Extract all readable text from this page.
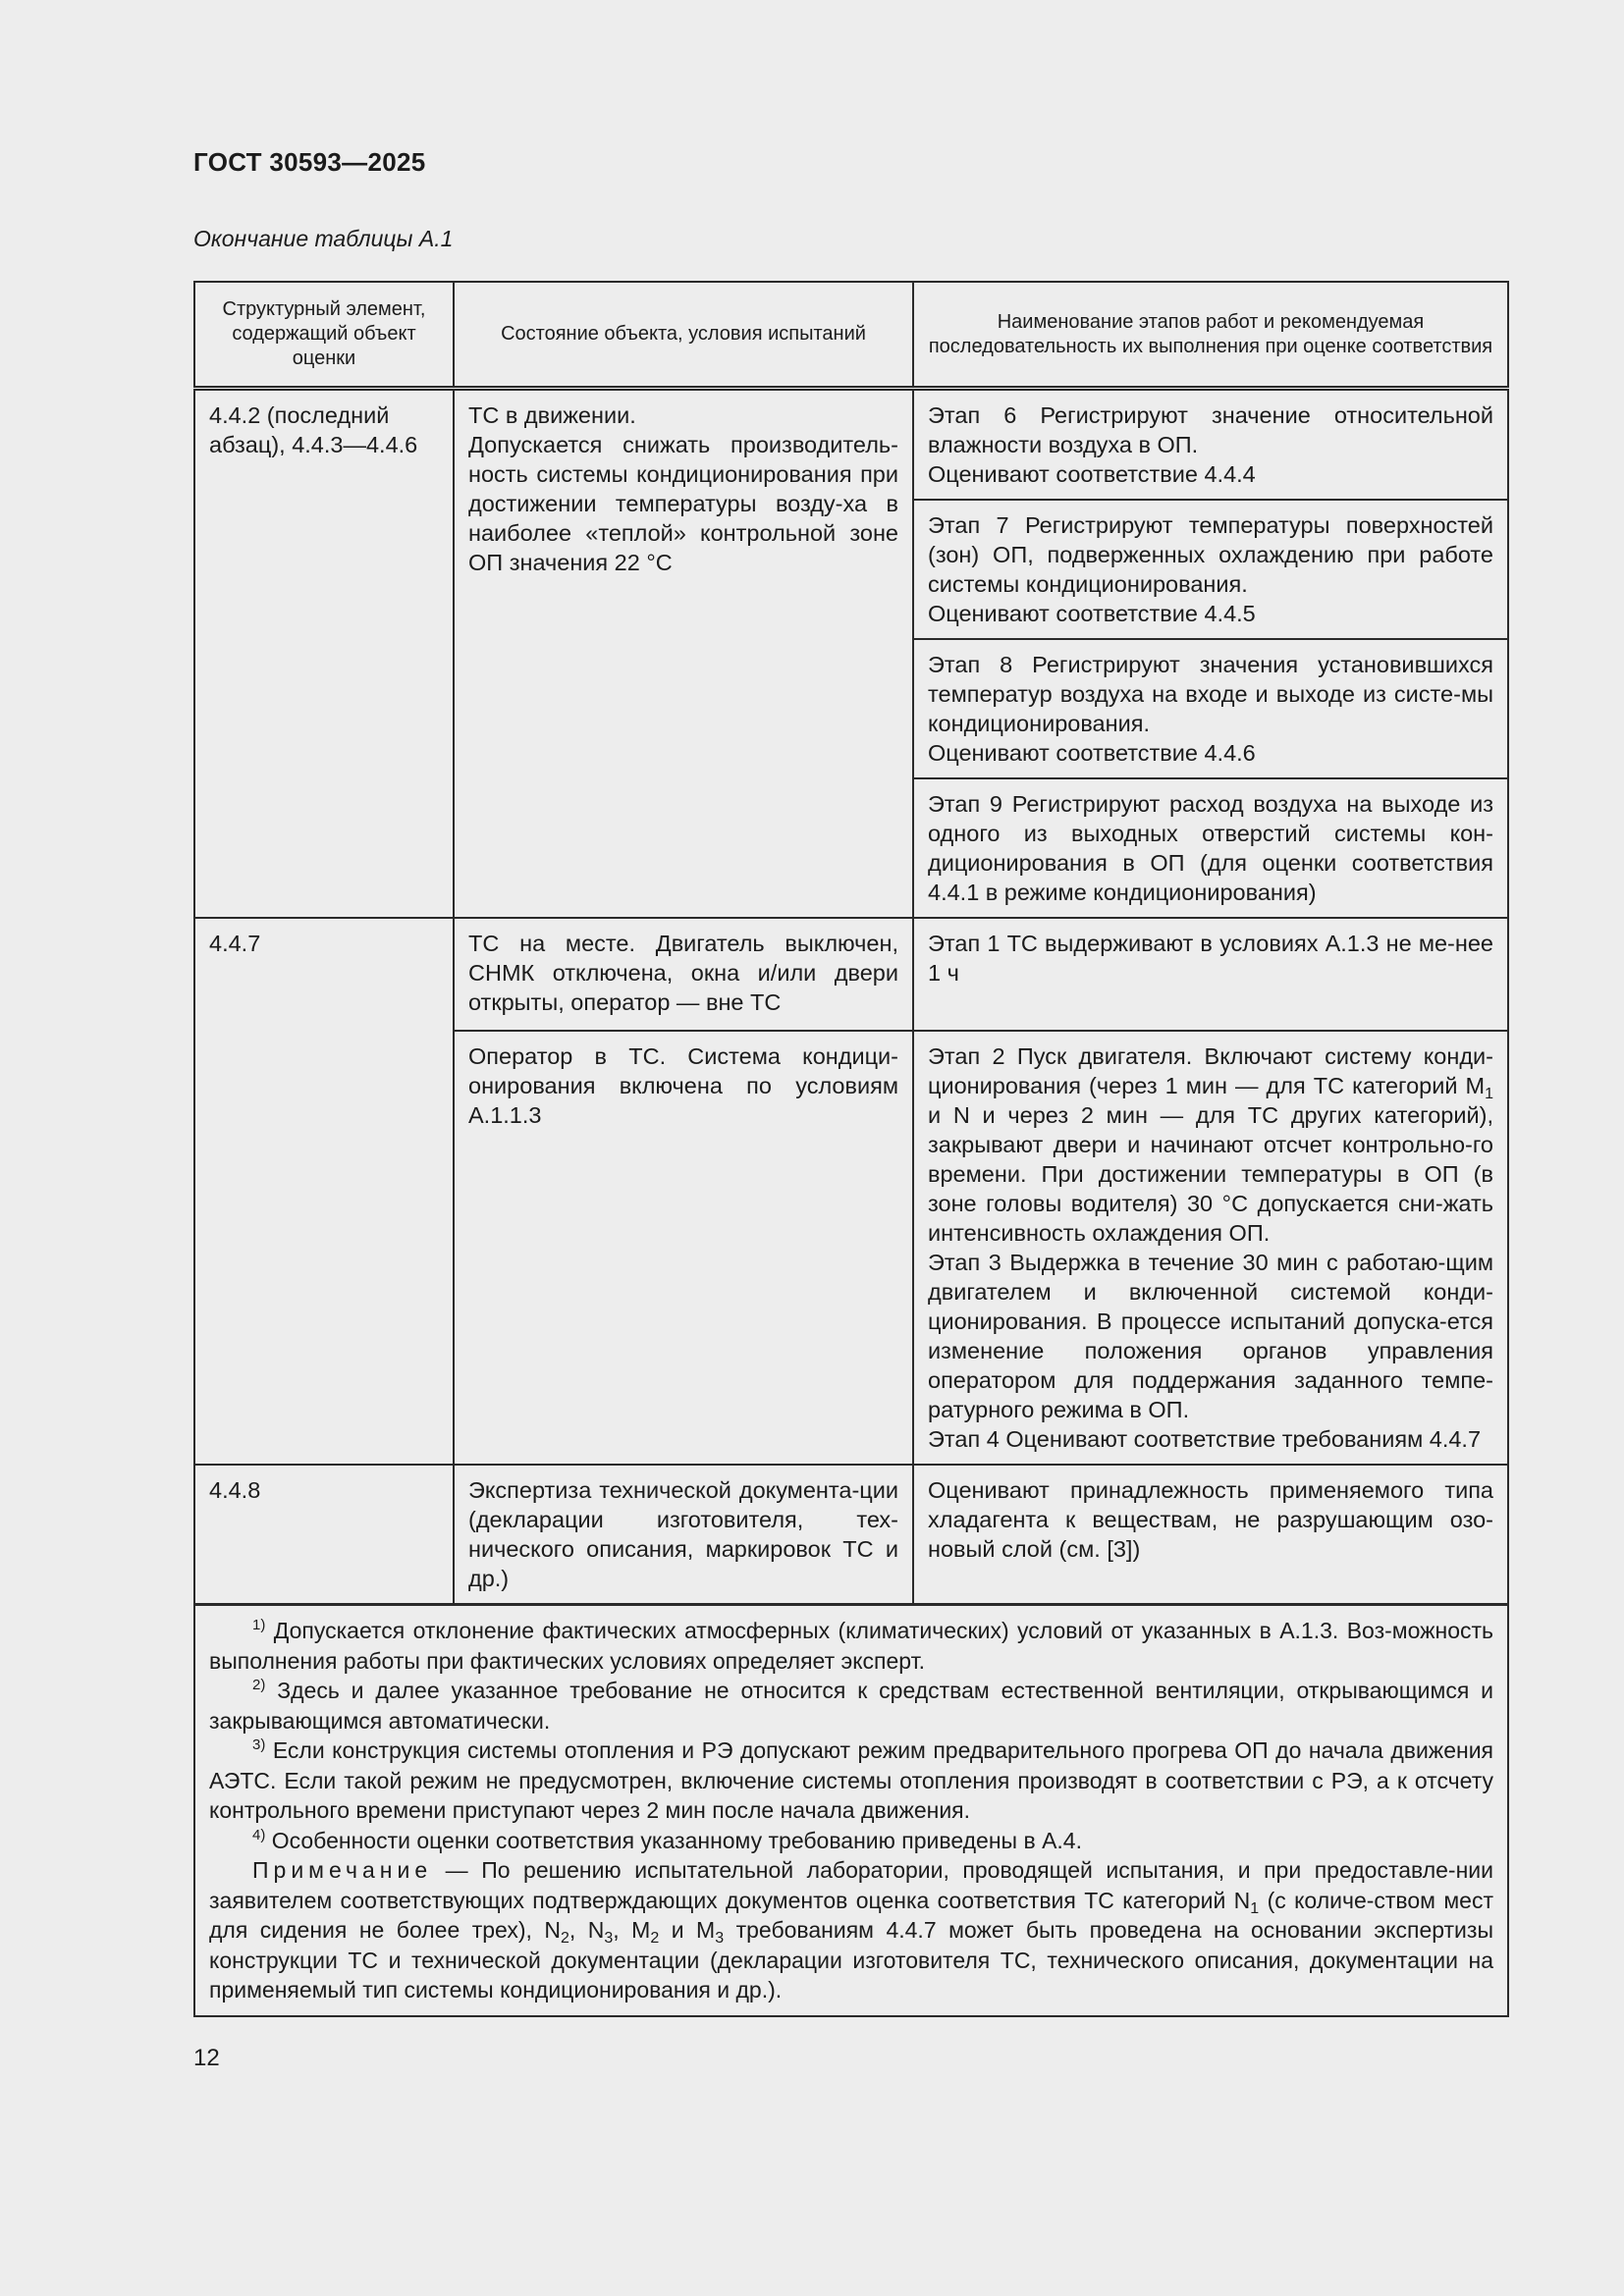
ГОСТ 30593—2025
Окончание таблицы А.1
Структурный элемент, содержащий объект оценки	Состояние объекта, условия испытаний	Наименование этапов работ и рекомендуемая последовательность их выполнения при оценке соответствия
4.4.2 (последний абзац), 4.4.3—4.4.6	ТС в движении.
Допускается снижать производитель-ность системы кондиционирования при достижении температуры возду-ха в наиболее «теплой» контрольной зоне ОП значения 22 °С	Этап 6 Регистрируют значение относительной влажности воздуха в ОП.
Оценивают соответствие 4.4.4

		Этап 7 Регистрируют температуры поверхностей (зон) ОП, подверженных охлаждению при работе системы кондиционирования.
Оценивают соответствие 4.4.5

		Этап 8 Регистрируют значения установившихся температур воздуха на входе и выходе из систе-мы кондиционирования.
Оценивают соответствие 4.4.6

		Этап 9 Регистрируют расход воздуха на выходе из одного из выходных отверстий системы кон-диционирования в ОП (для оценки соответствия 4.4.1 в режиме кондиционирования)

4.4.7	ТС на месте. Двигатель выключен, СНМК отключена, окна и/или двери открыты, оператор — вне ТС	Этап 1 ТС выдерживают в условиях А.1.3 не ме-нее 1 ч
	Оператор в ТС. Система кондици-онирования включена по условиям А.1.1.3	Этап 2 Пуск двигателя. Включают систему конди-ционирования (через 1 мин — для ТС категорий $M_1$ и N и через 2 мин — для ТС других категорий), закрывают двери и начинают отсчет контрольно-го времени. При достижении температуры в ОП (в зоне головы водителя) 30 °С допускается сни-жать интенсивность охлаждения ОП.
Этап 3 Выдержка в течение 30 мин с работаю-щим двигателем и включенной системой конди-ционирования. В процессе испытаний допуска-ется изменение положения органов управления оператором для поддержания заданного темпе-ратурного режима в ОП.
Этап 4 Оценивают соответствие требованиям 4.4.7

4.4.8	Экспертиза технической документа-ции (декларации изготовителя, тех-нического описания, маркировок ТС и др.)	Оценивают принадлежность применяемого типа хладагента к веществам, не разрушающим озо-новый слой (см. [3])

$^{1)}$ Допускается отклонение фактических атмосферных (климатических) условий от указанных в А.1.3. Воз-можность выполнения работы при фактических условиях определяет эксперт.
$^{2)}$ Здесь и далее указанное требование не относится к средствам естественной вентиляции, открывающимся и закрывающимся автоматически.
$^{3)}$ Если конструкция системы отопления и РЭ допускают режим предварительного прогрева ОП до начала движения АЭТС. Если такой режим не предусмотрен, включение системы отопления производят в соответствии с РЭ, а к отсчету контрольного времени приступают через 2 мин после начала движения.
$^{4)}$ Особенности оценки соответствия указанному требованию приведены в А.4.
Примечание — По решению испытательной лаборатории, проводящей испытания, и при предоставле-нии заявителем соответствующих подтверждающих документов оценка соответствия ТС категорий $N_1$ (с количе-ством мест для сидения не более трех), $N_2$, $N_3$, $M_2$ и $M_3$ требованиям 4.4.7 может быть проведена на основании экспертизы конструкции ТС и технической документации (декларации изготовителя ТС, технического описания, документации на применяемый тип системы кондиционирования и др.).		
12
